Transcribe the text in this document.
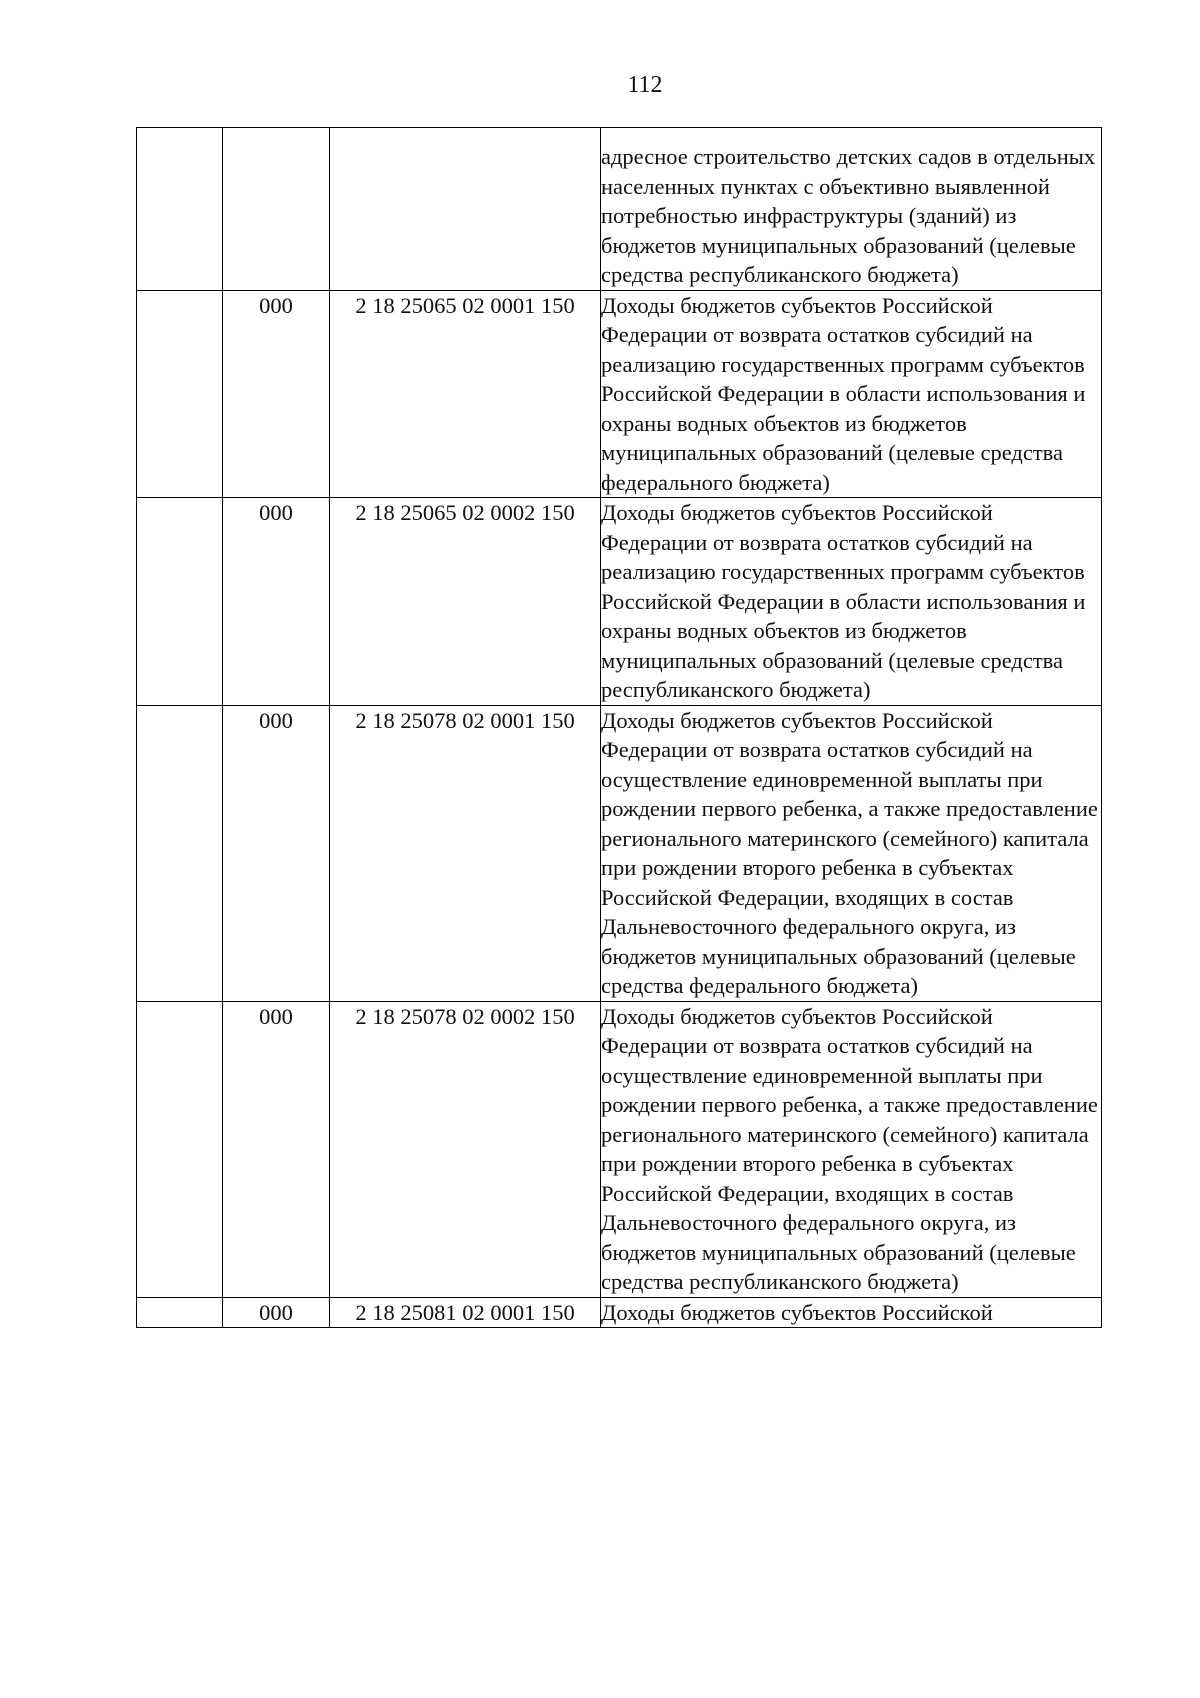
112
			адресное строительство детских садов в отдельных населенных пунктах с объективно выявленной потребностью инфраструктуры (зданий) из бюджетов муниципальных образований (целевые средства республиканского бюджета)
	000	2 18 25065 02 0001 150	Доходы бюджетов субъектов Российской Федерации от возврата остатков субсидий на реализацию государственных программ субъектов Российской Федерации в области использования и охраны водных объектов из бюджетов муниципальных образований (целевые средства федерального бюджета)
	000	2 18 25065 02 0002 150	Доходы бюджетов субъектов Российской Федерации от возврата остатков субсидий на реализацию государственных программ субъектов Российской Федерации в области использования и охраны водных объектов из бюджетов муниципальных образований (целевые средства республиканского бюджета)
	000	2 18 25078 02 0001 150	Доходы бюджетов субъектов Российской Федерации от возврата остатков субсидий на осуществление единовременной выплаты при рождении первого ребенка, а также предоставление регионального материнского (семейного) капитала при рождении второго ребенка в субъектах Российской Федерации, входящих в состав Дальневосточного федерального округа, из бюджетов муниципальных образований (целевые средства федерального бюджета)
	000	2 18 25078 02 0002 150	Доходы бюджетов субъектов Российской Федерации от возврата остатков субсидий на осуществление единовременной выплаты при рождении первого ребенка, а также предоставление регионального материнского (семейного) капитала при рождении второго ребенка в субъектах Российской Федерации, входящих в состав Дальневосточного федерального округа, из бюджетов муниципальных образований (целевые средства республиканского бюджета)
	000	2 18 25081 02 0001 150	Доходы бюджетов субъектов Российской
